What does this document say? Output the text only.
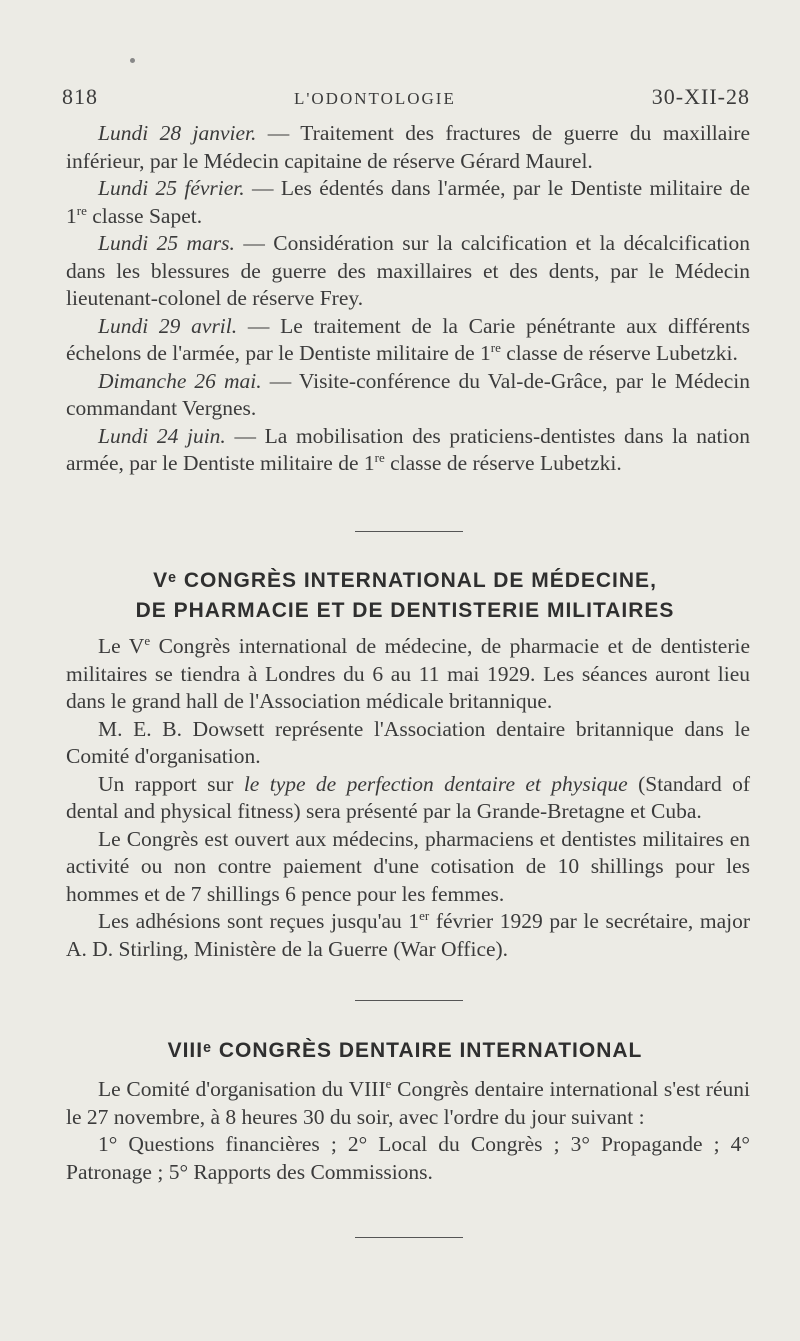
818	L'ODONTOLOGIE	30-XII-28

Lundi 28 janvier. — Traitement des fractures de guerre du maxillaire inférieur, par le Médecin capitaine de réserve Gérard Maurel.

Lundi 25 février. — Les édentés dans l'armée, par le Dentiste militaire de 1re classe Sapet.

Lundi 25 mars. — Considération sur la calcification et la décalcification dans les blessures de guerre des maxillaires et des dents, par le Médecin lieutenant-colonel de réserve Frey.

Lundi 29 avril. — Le traitement de la Carie pénétrante aux différents échelons de l'armée, par le Dentiste militaire de 1re classe de réserve Lubetzki.

Dimanche 26 mai. — Visite-conférence du Val-de-Grâce, par le Médecin commandant Vergnes.

Lundi 24 juin. — La mobilisation des praticiens-dentistes dans la nation armée, par le Dentiste militaire de 1re classe de réserve Lubetzki.

Vᵉ CONGRÈS INTERNATIONAL DE MÉDECINE,
DE PHARMACIE ET DE DENTISTERIE MILITAIRES

Le Ve Congrès international de médecine, de pharmacie et de dentisterie militaires se tiendra à Londres du 6 au 11 mai 1929. Les séances auront lieu dans le grand hall de l'Association médicale britannique.

M. E. B. Dowsett représente l'Association dentaire britannique dans le Comité d'organisation.

Un rapport sur le type de perfection dentaire et physique (Standard of dental and physical fitness) sera présenté par la Grande-Bretagne et Cuba.

Le Congrès est ouvert aux médecins, pharmaciens et dentistes militaires en activité ou non contre paiement d'une cotisation de 10 shillings pour les hommes et de 7 shillings 6 pence pour les femmes.

Les adhésions sont reçues jusqu'au 1er février 1929 par le secrétaire, major A. D. Stirling, Ministère de la Guerre (War Office).

VIIIᵉ CONGRÈS DENTAIRE INTERNATIONAL

Le Comité d'organisation du VIIIe Congrès dentaire international s'est réuni le 27 novembre, à 8 heures 30 du soir, avec l'ordre du jour suivant :

1° Questions financières ; 2° Local du Congrès ; 3° Propagande ; 4° Patronage ; 5° Rapports des Commissions.
